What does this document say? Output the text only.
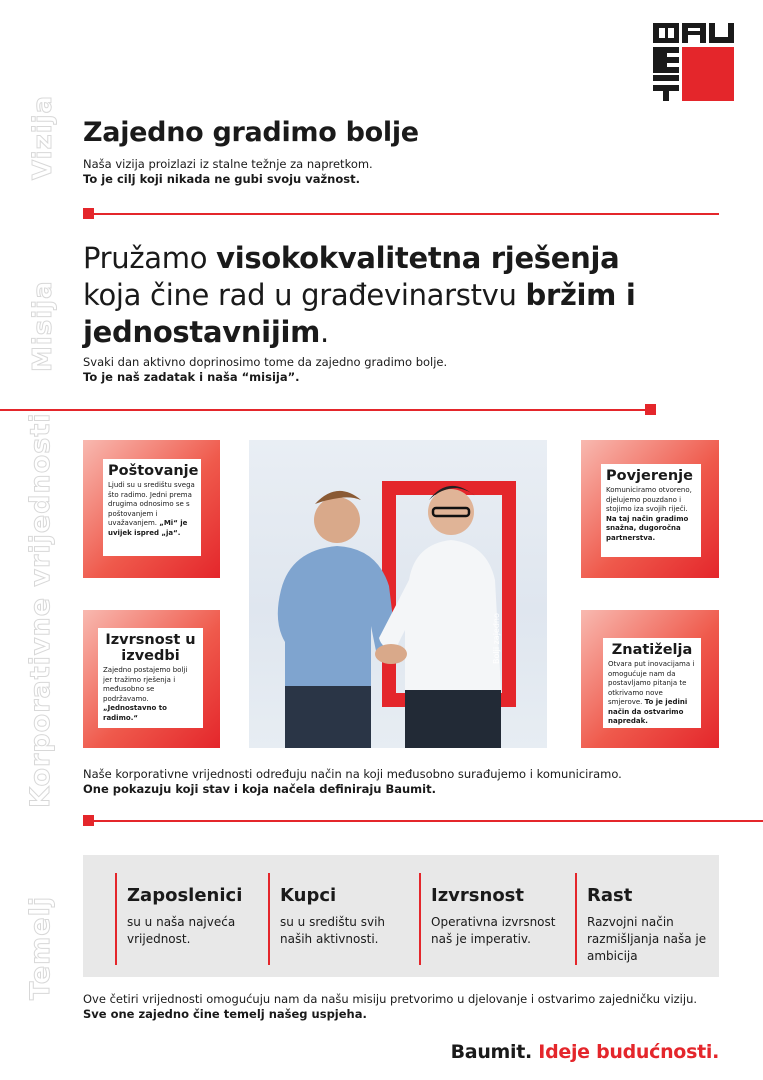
Vizija
Misija
Korporativne vrijednosti
Temelj
Zajedno gradimo bolje
Naša vizija proizlazi iz stalne težnje za napretkom.
To je cilj koji nikada ne gubi svoju važnost.
Pružamo visokokvalitetna rješenja
koja čine rad u građevinarstvu bržim i
jednostavnijim.
Svaki dan aktivno doprinosimo tome da zajedno gradimo bolje.
To je naš zadatak i naša “misija”.
Poštovanje
Ljudi su u središtu svega što radimo. Jedni prema drugima odnosimo se s poštovanjem i uvažavanjem. „Mi“ je uvijek ispred „ja“.
Povjerenje
Komuniciramo otvoreno, djelujemo pouzdano i stojimo iza svojih riječi. Na taj način gradimo snažna, dugoročna partnerstva.
Izvrsnost u izvedbi
Zajedno postajemo bolji jer tražimo rješenja i međusobno se podržavamo. „Jednostavno to radimo.“
Znatiželja
Otvara put inovacijama i omogućuje nam da postavljamo pitanja te otkrivamo nove smjerove. To je jedini način da ostvarimo napredak.
Bolji zajedno
Naše korporativne vrijednosti određuju način na koji međusobno surađujemo i komuniciramo.
One pokazuju koji stav i koja načela definiraju Baumit.
Zaposlenici

su u naša najveća vrijednost.

Kupci

su u središtu svih naših aktivnosti.

Izvrsnost

Operativna izvrsnost naš je imperativ.

Rast

Razvojni način razmišljanja naša je ambicija

Ove četiri vrijednosti omogućuju nam da našu misiju pretvorimo u djelovanje i ostvarimo zajedničku viziju.
Sve one zajedno čine temelj našeg uspjeha.
Baumit. Ideje budućnosti.
